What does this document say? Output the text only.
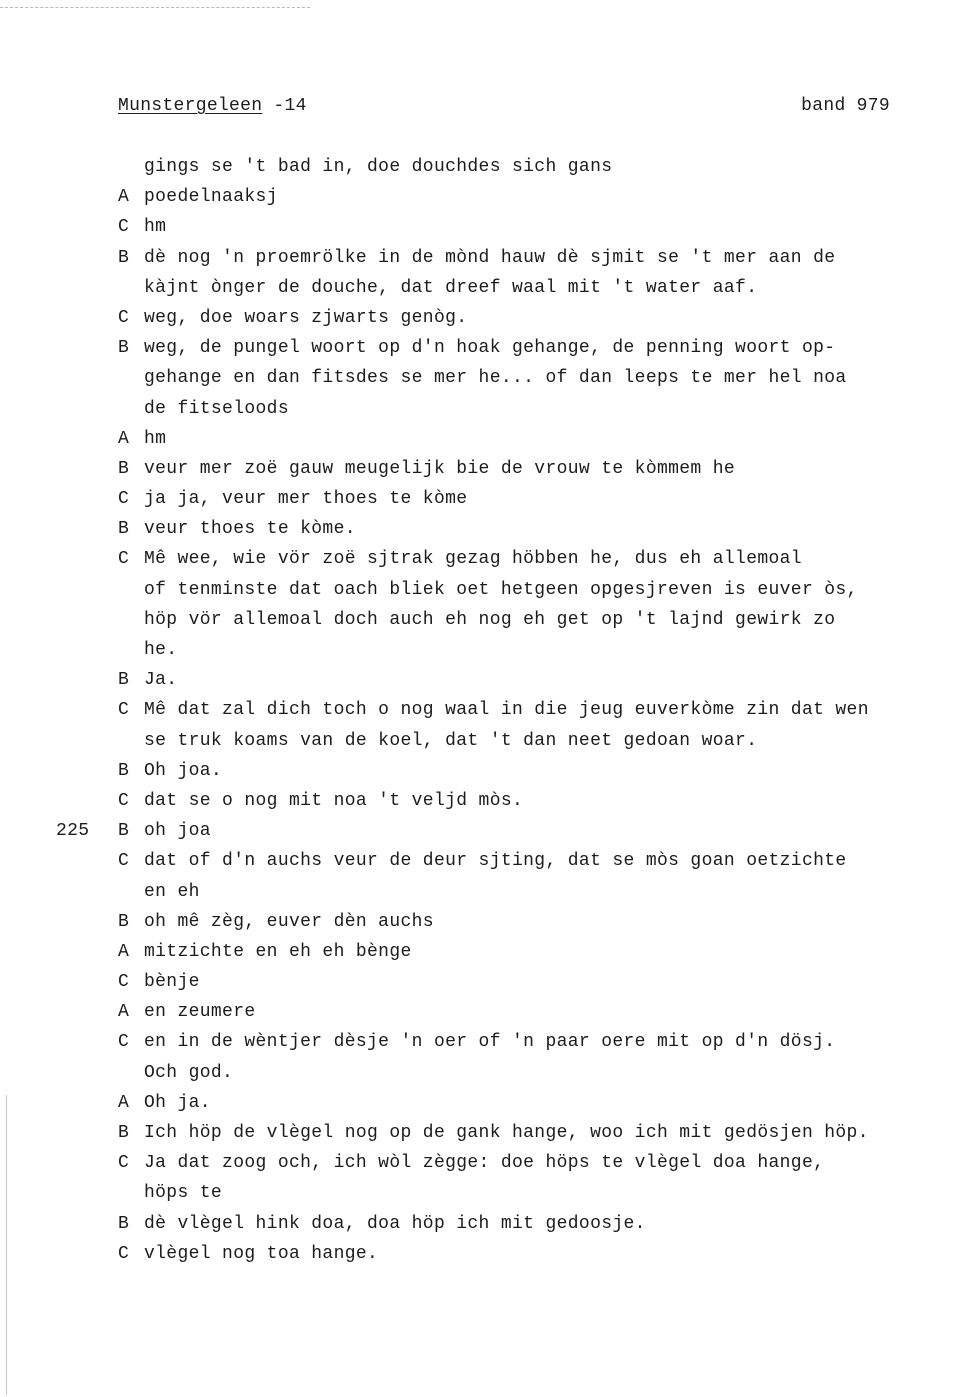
Munstergeleen -14	band 979
gings se 't bad in, doe douchdes sich gans
A poedelnaaksj
C hm
B dè nog 'n proemrölke in de mònd hauw dè sjmit se 't mer aan de
kàjnt ònger de douche, dat dreef waal mit 't water aaf.
C weg, doe woars zjwarts genòg.
B weg, de pungel woort op d'n hoak gehange, de penning woort op-
gehange en dan fitsdes se mer he... of dan leeps te mer hel noa
de fitseloods
A hm
B veur mer zoë gauw meugelijk bie de vrouw te kòmmem he
C ja ja, veur mer thoes te kòme
B veur thoes te kòme.
C Mê wee, wie vör zoë sjtrak gezag höbben he, dus eh allemoal
of tenminste dat oach bliek oet hetgeen opgesjreven is euver òs,
höp vör allemoal doch auch eh nog eh get op 't lajnd gewirk zo
he.
B Ja.
C Mê dat zal dich toch o nog waal in die jeug euverkòme zin dat wen
se truk koams van de koel, dat 't dan neet gedoan woar.
B Oh joa.
C dat se o nog mit noa 't veljd mòs.
225 B oh joa
C dat of d'n auchs veur de deur sjting, dat se mòs goan oetzichte
en eh
B oh mê zèg, euver dèn auchs
A mitzichte en eh eh bènge
C bènje
A en zeumere
C en in de wèntjer dèsje 'n oer of 'n paar oere mit op d'n dösj.
Och god.
A Oh ja.
B Ich höp de vlègel nog op de gank hange, woo ich mit gedösjen höp.
C Ja dat zoog och, ich wòl zègge: doe höps te vlègel doa hange,
höps te
B dè vlègel hink doa, doa höp ich mit gedoosje.
C vlègel nog toa hange.
